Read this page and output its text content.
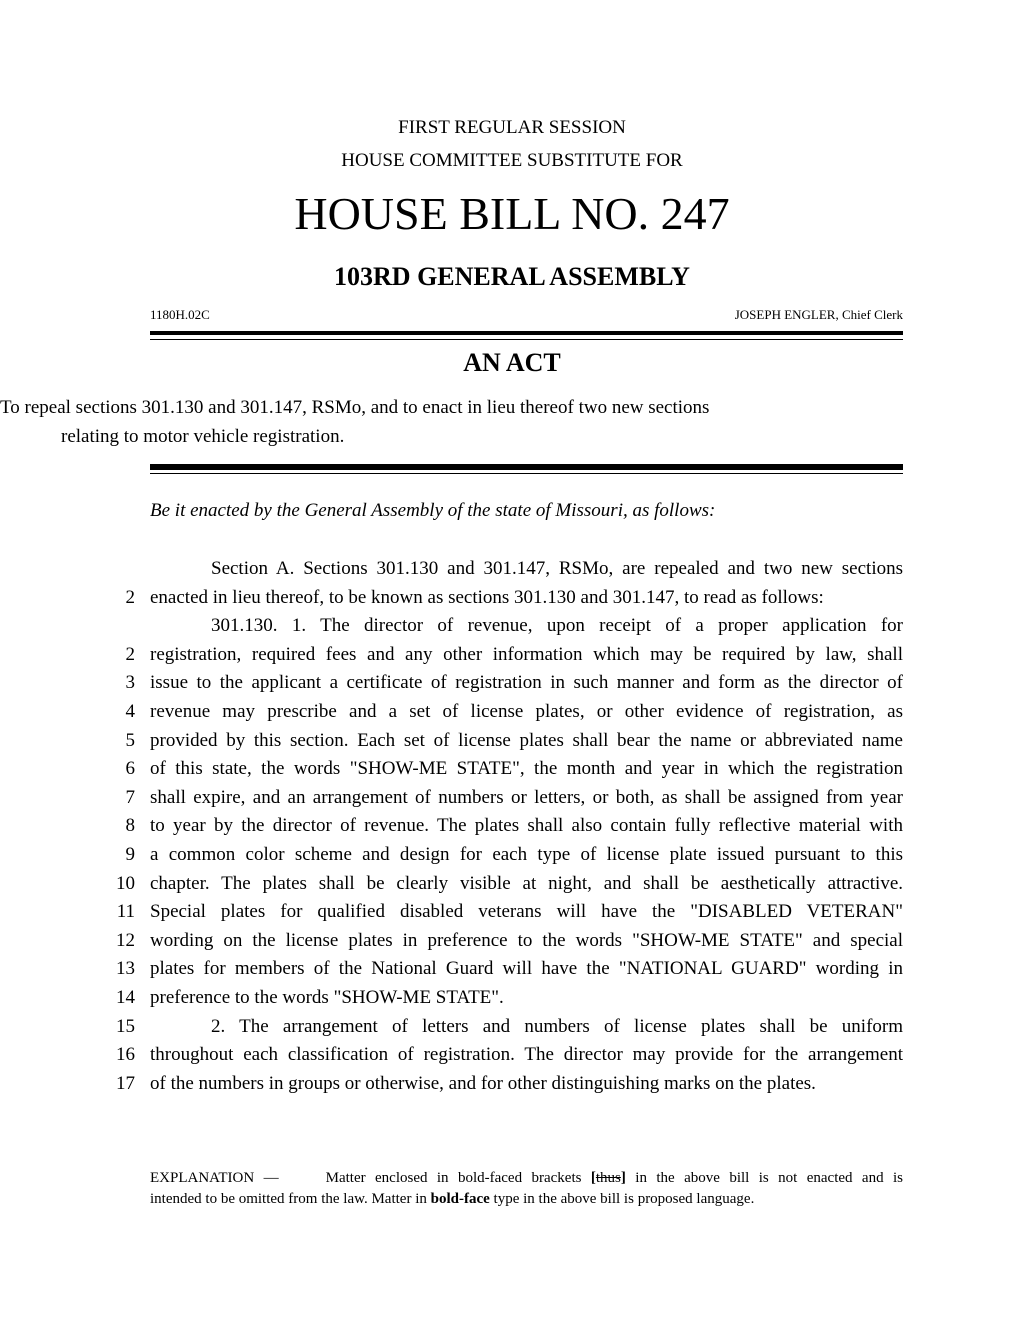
FIRST REGULAR SESSION
HOUSE COMMITTEE SUBSTITUTE FOR
HOUSE BILL NO. 247
103RD GENERAL ASSEMBLY
1180H.02C	JOSEPH ENGLER, Chief Clerk
AN ACT
To repeal sections 301.130 and 301.147, RSMo, and to enact in lieu thereof two new sections
relating to motor vehicle registration.
Be it enacted by the General Assembly of the state of Missouri, as follows:
Section A. Sections 301.130 and 301.147, RSMo, are repealed and two new sections
2 enacted in lieu thereof, to be known as sections 301.130 and 301.147, to read as follows:
301.130. 1. The director of revenue, upon receipt of a proper application for
2 registration, required fees and any other information which may be required by law, shall
3 issue to the applicant a certificate of registration in such manner and form as the director of
4 revenue may prescribe and a set of license plates, or other evidence of registration, as
5 provided by this section. Each set of license plates shall bear the name or abbreviated name
6 of this state, the words "SHOW-ME STATE", the month and year in which the registration
7 shall expire, and an arrangement of numbers or letters, or both, as shall be assigned from year
8 to year by the director of revenue. The plates shall also contain fully reflective material with
9 a common color scheme and design for each type of license plate issued pursuant to this
10 chapter. The plates shall be clearly visible at night, and shall be aesthetically attractive.
11 Special plates for qualified disabled veterans will have the "DISABLED VETERAN"
12 wording on the license plates in preference to the words "SHOW-ME STATE" and special
13 plates for members of the National Guard will have the "NATIONAL GUARD" wording in
14 preference to the words "SHOW-ME STATE".
15	2. The arrangement of letters and numbers of license plates shall be uniform
16 throughout each classification of registration. The director may provide for the arrangement
17 of the numbers in groups or otherwise, and for other distinguishing marks on the plates.
EXPLANATION —	Matter enclosed in bold-faced brackets [thus] in the above bill is not enacted and is
intended to be omitted from the law. Matter in bold-face type in the above bill is proposed language.
